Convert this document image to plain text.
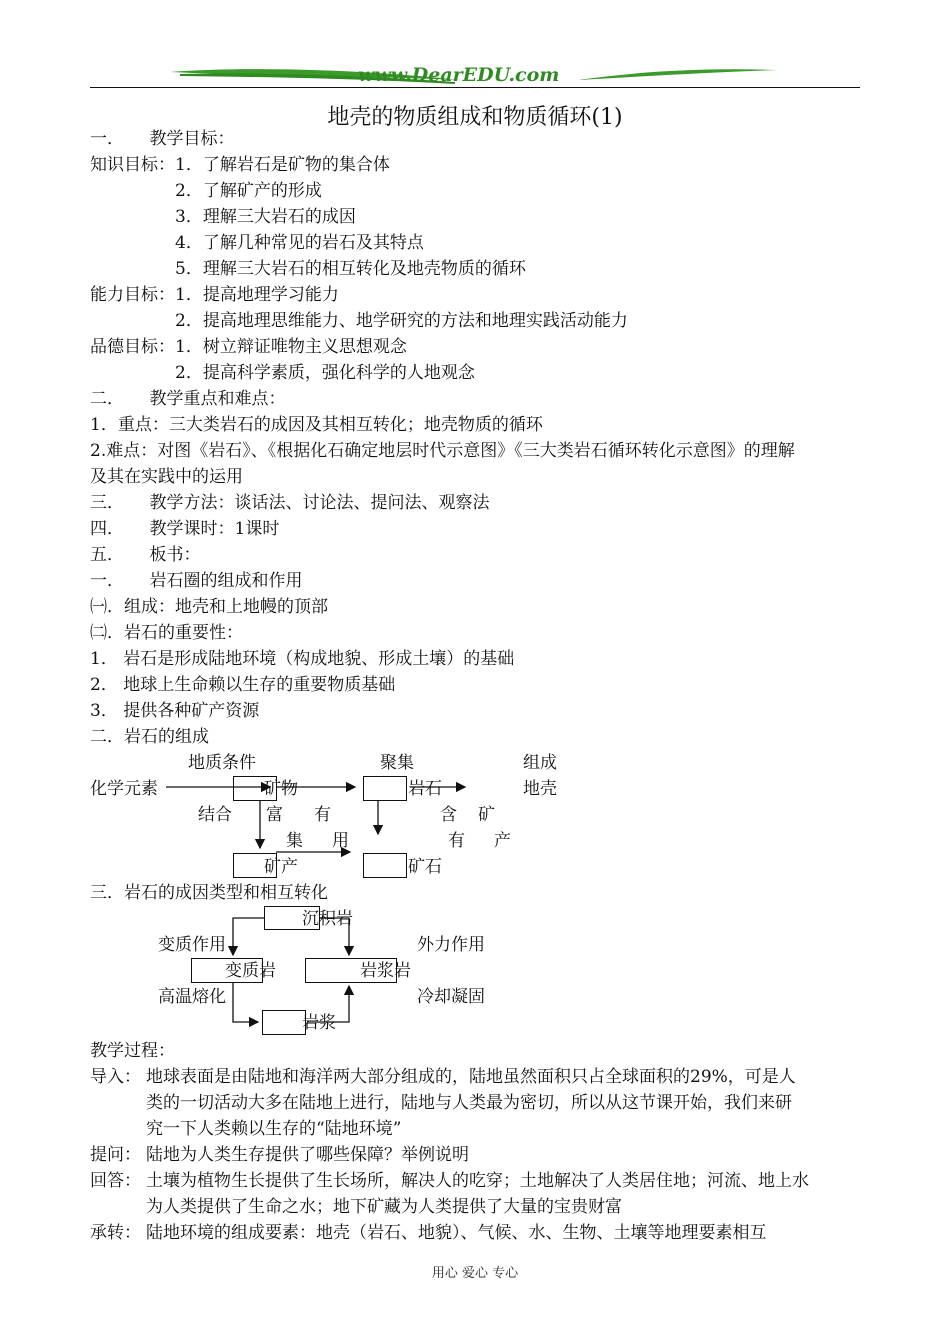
www.DearEDU.com
地壳的物质组成和物质循环(1)
一．　　教学目标：
知识目标：1．了解岩石是矿物的集合体
　　　　　2．了解矿产的形成
　　　　　3．理解三大岩石的成因
　　　　　4．了解几种常见的岩石及其特点
　　　　　5．理解三大岩石的相互转化及地壳物质的循环
能力目标：1．提高地理学习能力
　　　　　2．提高地理思维能力、地学研究的方法和地理实践活动能力
品德目标：1．树立辩证唯物主义思想观念
　　　　　2．提高科学素质，强化科学的人地观念
二．　　教学重点和难点：
1．重点：三大类岩石的成因及其相互转化；地壳物质的循环
2.难点：对图《岩石》、《根据化石确定地层时代示意图》《三大类岩石循环转化示意图》的理解
及其在实践中的运用
三．　　教学方法：谈话法、讨论法、提问法、观察法
四．　　教学课时：1课时
五．　　板书：
一．　　岩石圈的组成和作用
㈠．组成：地壳和上地幔的顶部
㈡．岩石的重要性：
1． 岩石是形成陆地环境（构成地貌、形成土壤）的基础
2． 地球上生命赖以生存的重要物质基础
3． 提供各种矿产资源
二．岩石的组成
地质条件	聚集	组成
化学元素	矿物	岩石	地壳
结合 富 有	含 矿
集 用	有 产
矿产	矿石
三．岩石的成因类型和相互转化
沉积岩
变质作用	外力作用
变质岩	岩浆岩
高温熔化	冷却凝固
岩浆
教学过程：
导入： 地球表面是由陆地和海洋两大部分组成的，陆地虽然面积只占全球面积的29%，可是人
类的一切活动大多在陆地上进行，陆地与人类最为密切，所以从这节课开始，我们来研
究一下人类赖以生存的“陆地环境”
提问： 陆地为人类生存提供了哪些保障？举例说明
回答： 土壤为植物生长提供了生长场所，解决人的吃穿；土地解决了人类居住地；河流、地上水
为人类提供了生命之水；地下矿藏为人类提供了大量的宝贵财富
承转： 陆地环境的组成要素：地壳（岩石、地貌）、气候、水、生物、土壤等地理要素相互
用心 爱心 专心
